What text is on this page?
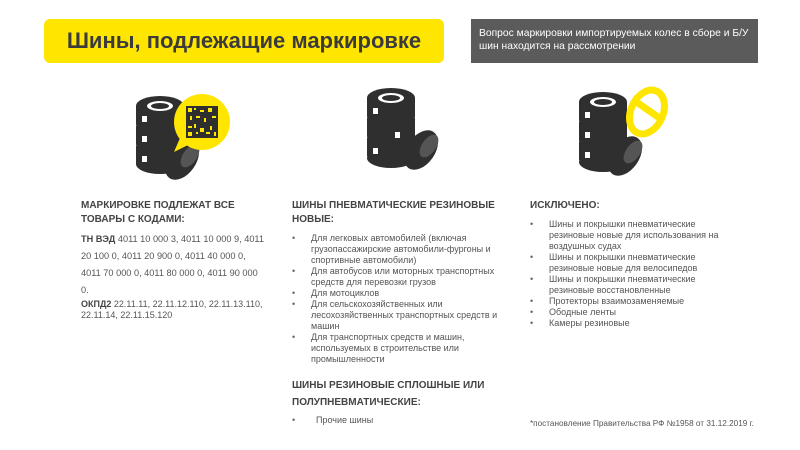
Шины, подлежащие маркировке	Вопрос маркировки импортируемых колес в сборе и Б/У шин находится на рассмотрении
МАРКИРОВКЕ ПОДЛЕЖАТ ВСЕ ТОВАРЫ С КОДАМИ:
ТН ВЭД 4011 10 000 3, 4011 10 000 9, 4011 20 100 0, 4011 20 900 0, 4011 40 000 0, 4011 70 000 0, 4011 80 000 0, 4011 90 000 0.
ОКПД2 22.11.11, 22.11.12.110, 22.11.13.110, 22.11.14, 22.11.15.120
ШИНЫ ПНЕВМАТИЧЕСКИЕ РЕЗИНОВЫЕ НОВЫЕ:
• Для легковых автомобилей (включая грузопассажирские автомобили-фургоны и спортивные автомобили)
• Для автобусов или моторных транспортных средств для перевозки грузов
• Для мотоциклов
• Для сельскохозяйственных или лесохозяйственных транспортных средств и машин
• Для транспортных средств и машин, используемых в строительстве или промышленности
ШИНЫ РЕЗИНОВЫЕ СПЛОШНЫЕ ИЛИ ПОЛУПНЕВМАТИЧЕСКИЕ:
• Прочие шины
ИСКЛЮЧЕНО:
• Шины и покрышки пневматические резиновые новые для использования на воздушных судах
• Шины и покрышки пневматические резиновые новые для велосипедов
• Шины и покрышки пневматические резиновые восстановленные
• Протекторы взаимозаменяемые
• Ободные ленты
• Камеры резиновые
*постановление Правительства РФ №1958 от 31.12.2019 г.
